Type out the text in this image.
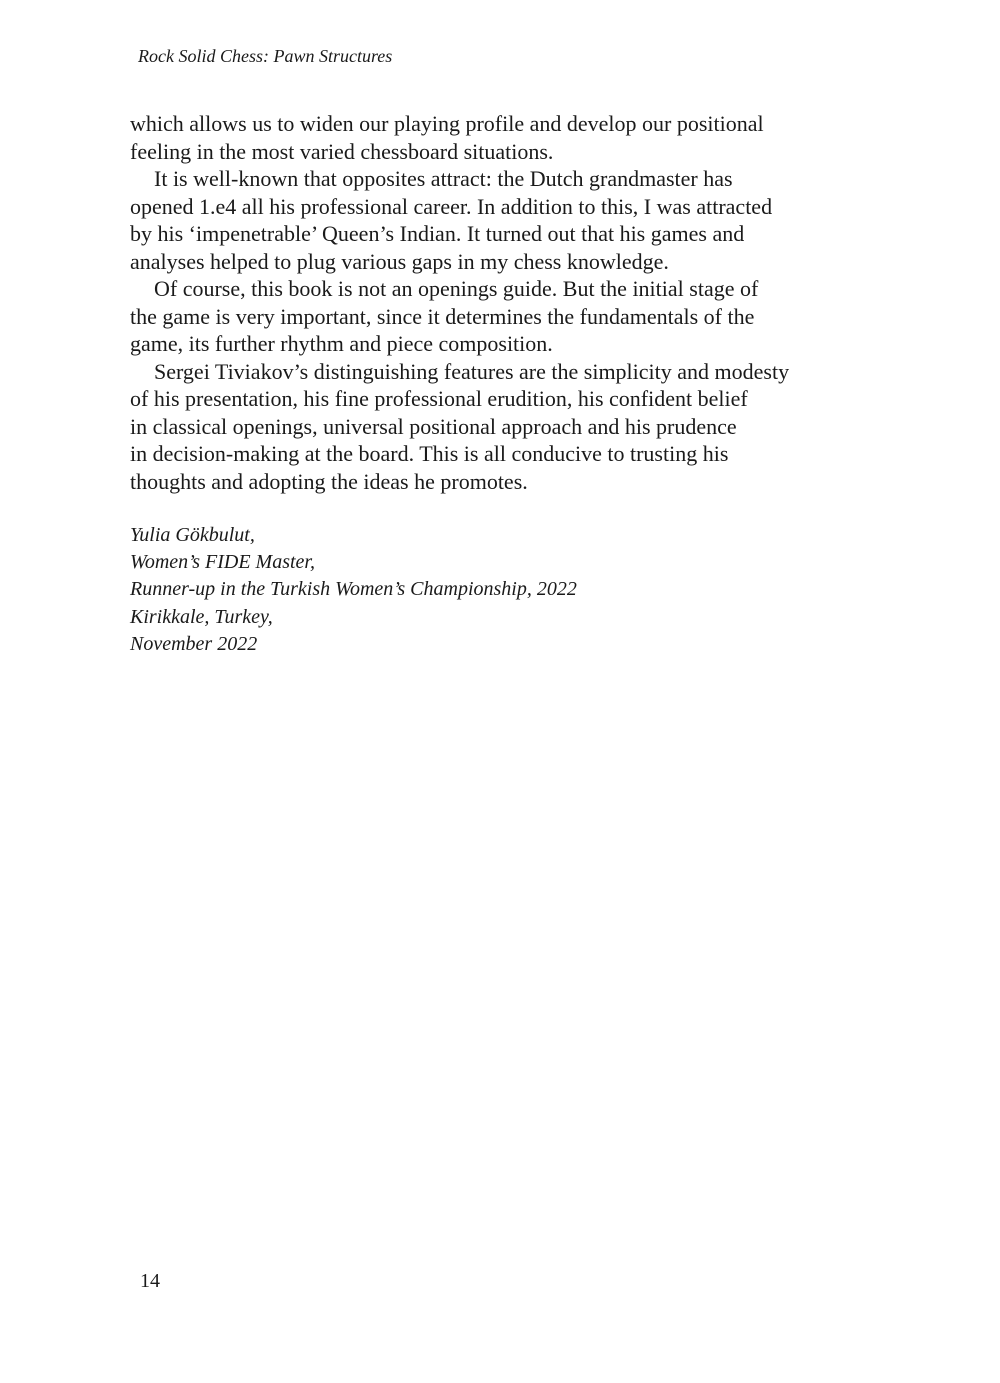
Rock Solid Chess: Pawn Structures
which allows us to widen our playing profile and develop our positional
feeling in the most varied chessboard situations.
It is well-known that opposites attract: the Dutch grandmaster has
opened 1.e4 all his professional career. In addition to this, I was attracted
by his ‘impenetrable’ Queen’s Indian. It turned out that his games and
analyses helped to plug various gaps in my chess knowledge.
Of course, this book is not an openings guide. But the initial stage of
the game is very important, since it determines the fundamentals of the
game, its further rhythm and piece composition.
Sergei Tiviakov’s distinguishing features are the simplicity and modesty
of his presentation, his fine professional erudition, his confident belief
in classical openings, universal positional approach and his prudence
in decision-making at the board. This is all conducive to trusting his
thoughts and adopting the ideas he promotes.
Yulia Gökbulut,
Women’s FIDE Master,
Runner-up in the Turkish Women’s Championship, 2022
Kirikkale, Turkey,
November 2022
14
